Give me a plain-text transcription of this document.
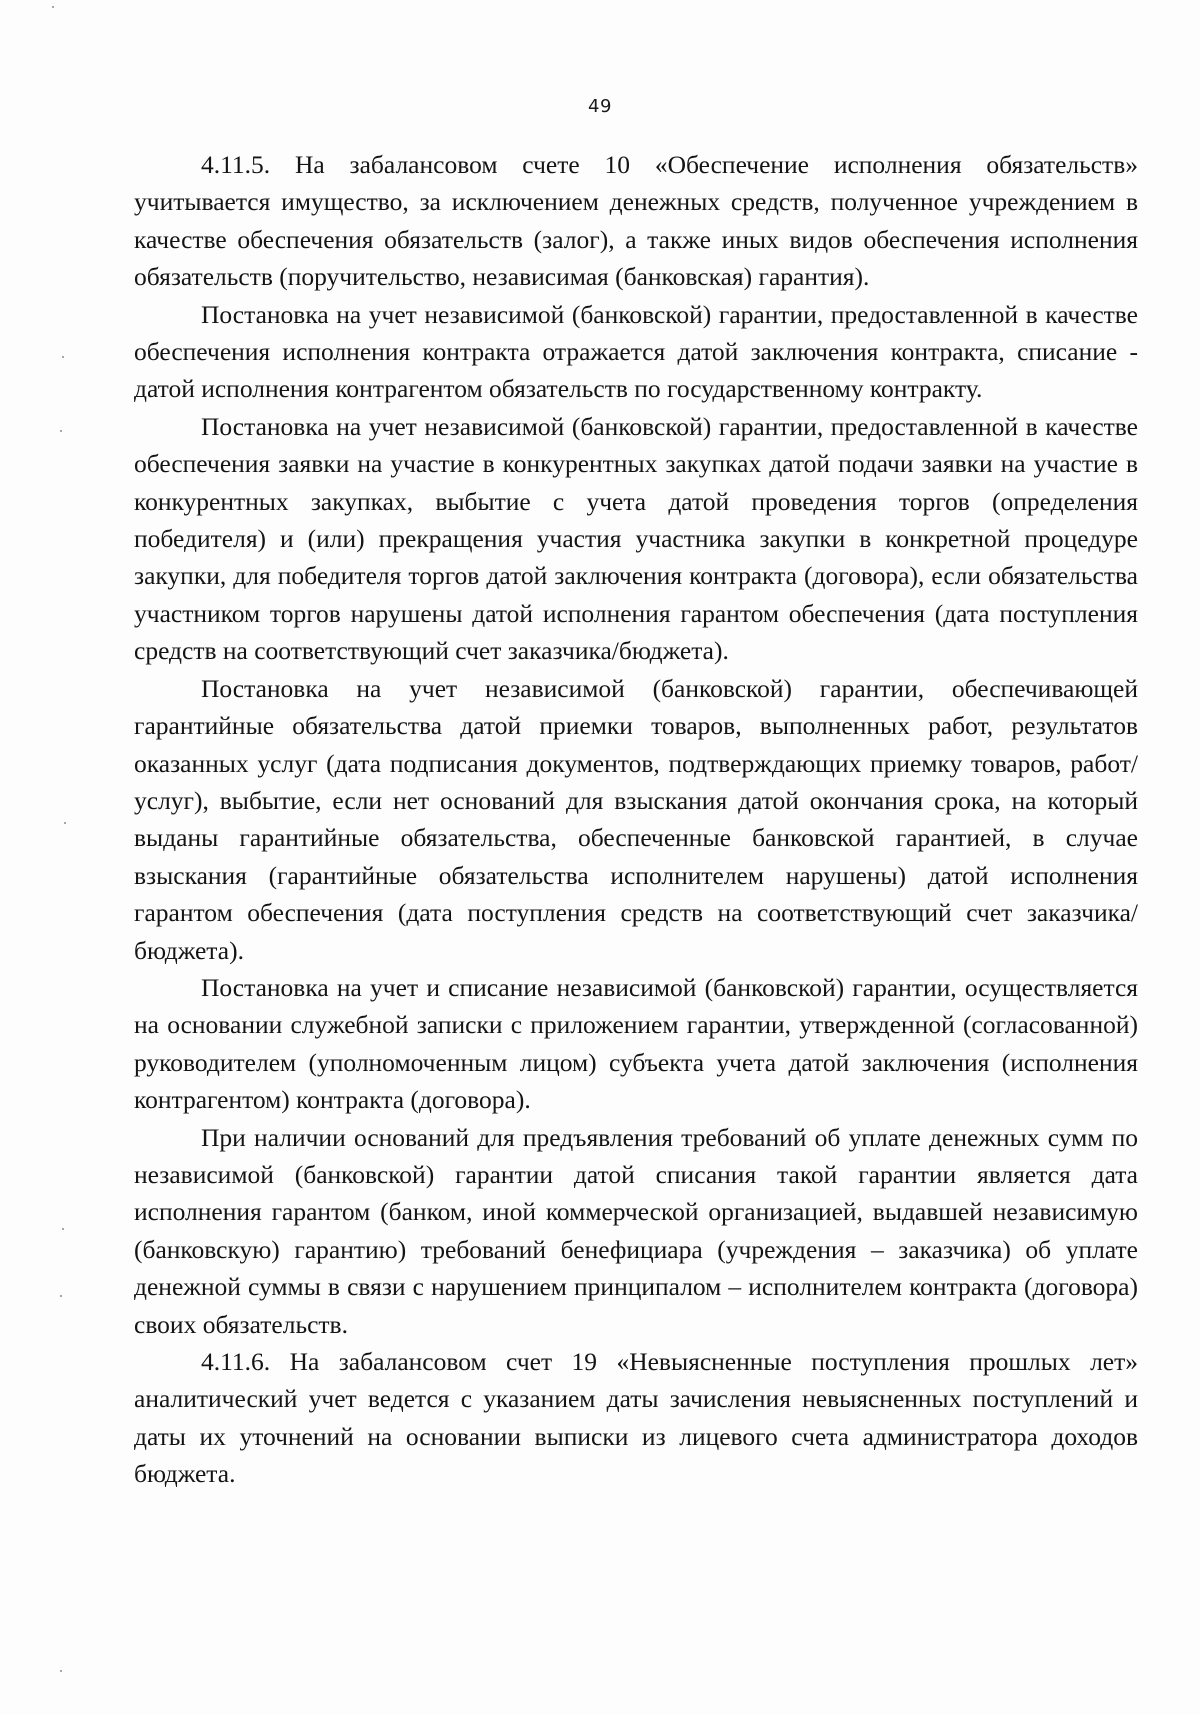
49

4.11.5. На забалансовом счете 10 «Обеспечение исполнения обязательств» учитывается имущество, за исключением денежных средств, полученное учреждением в качестве обеспечения обязательств (залог), а также иных видов обеспечения исполнения обязательств (поручительство, независимая (банковская) гарантия).

Постановка на учет независимой (банковской) гарантии, предоставленной в качестве обеспечения исполнения контракта отражается датой заключения контракта, списание - датой исполнения контрагентом обязательств по государственному контракту.

Постановка на учет независимой (банковской) гарантии, предоставленной в качестве обеспечения заявки на участие в конкурентных закупках датой подачи заявки на участие в конкурентных закупках, выбытие с учета датой проведения торгов (определения победителя) и (или) прекращения участия участника закупки в конкретной процедуре закупки, для победителя торгов датой заключения контракта (договора), если обязательства участником торгов нарушены датой исполнения гарантом обеспечения (дата поступления средств на соответствующий счет заказчика/бюджета).

Постановка на учет независимой (банковской) гарантии, обеспечивающей гарантийные обязательства датой приемки товаров, выполненных работ, результатов оказанных услуг (дата подписания документов, подтверждающих приемку товаров, работ/услуг), выбытие, если нет оснований для взыскания датой окончания срока, на который выданы гарантийные обязательства, обеспеченные банковской гарантией, в случае взыскания (гарантийные обязательства исполнителем нарушены) датой исполнения гарантом обеспечения (дата поступления средств на соответствующий счет заказчика/бюджета).

Постановка на учет и списание независимой (банковской) гарантии, осуществляется на основании служебной записки с приложением гарантии, утвержденной (согласованной) руководителем (уполномоченным лицом) субъекта учета датой заключения (исполнения контрагентом) контракта (договора).

При наличии оснований для предъявления требований об уплате денежных сумм по независимой (банковской) гарантии датой списания такой гарантии является дата исполнения гарантом (банком, иной коммерческой организацией, выдавшей независимую (банковскую) гарантию) требований бенефициара (учреждения – заказчика) об уплате денежной суммы в связи с нарушением принципалом – исполнителем контракта (договора) своих обязательств.

4.11.6. На забалансовом счет 19 «Невыясненные поступления прошлых лет» аналитический учет ведется с указанием даты зачисления невыясненных поступлений и даты их уточнений на основании выписки из лицевого счета администратора доходов бюджета.
